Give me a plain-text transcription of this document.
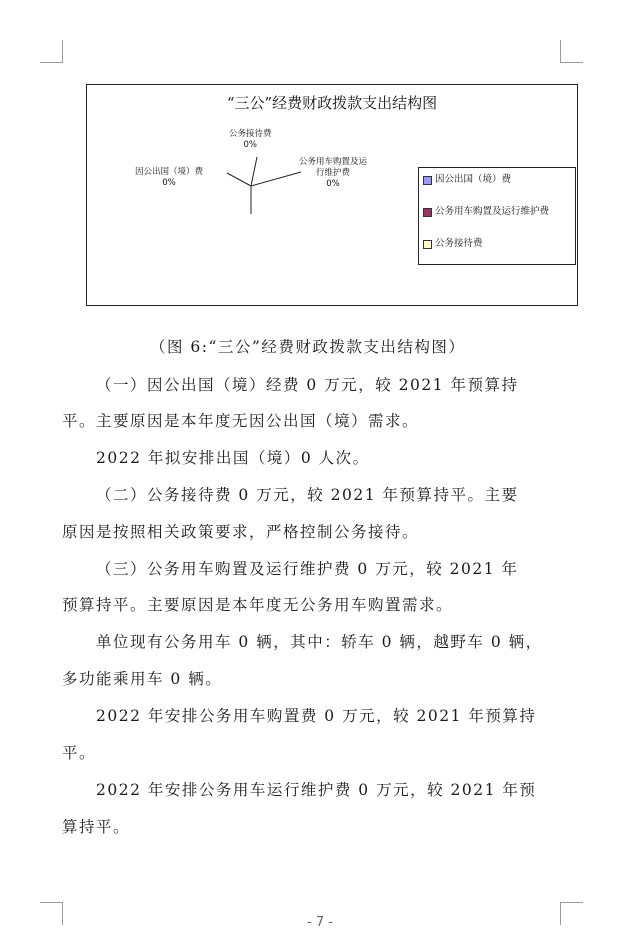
“三公”经费财政拨款支出结构图
公务接待费
0%
因公出国（境）费
0%
公务用车购置及运
行维护费
0%	因公出国（境）费
公务用车购置及运行维护费
公务接待费
（图 6:“三公”经费财政拨款支出结构图）
（一）因公出国（境）经费 0 万元，较 2021 年预算持
平。主要原因是本年度无因公出国（境）需求。
2022 年拟安排出国（境）0 人次。
（二）公务接待费 0 万元，较 2021 年预算持平。主要
原因是按照相关政策要求，严格控制公务接待。
（三）公务用车购置及运行维护费 0 万元，较 2021 年
预算持平。主要原因是本年度无公务用车购置需求。
单位现有公务用车 0 辆，其中：轿车 0 辆，越野车 0 辆，
多功能乘用车 0 辆。
2022 年安排公务用车购置费 0 万元，较 2021 年预算持
平。
2022 年安排公务用车运行维护费 0 万元，较 2021 年预
算持平。
- 7 -
